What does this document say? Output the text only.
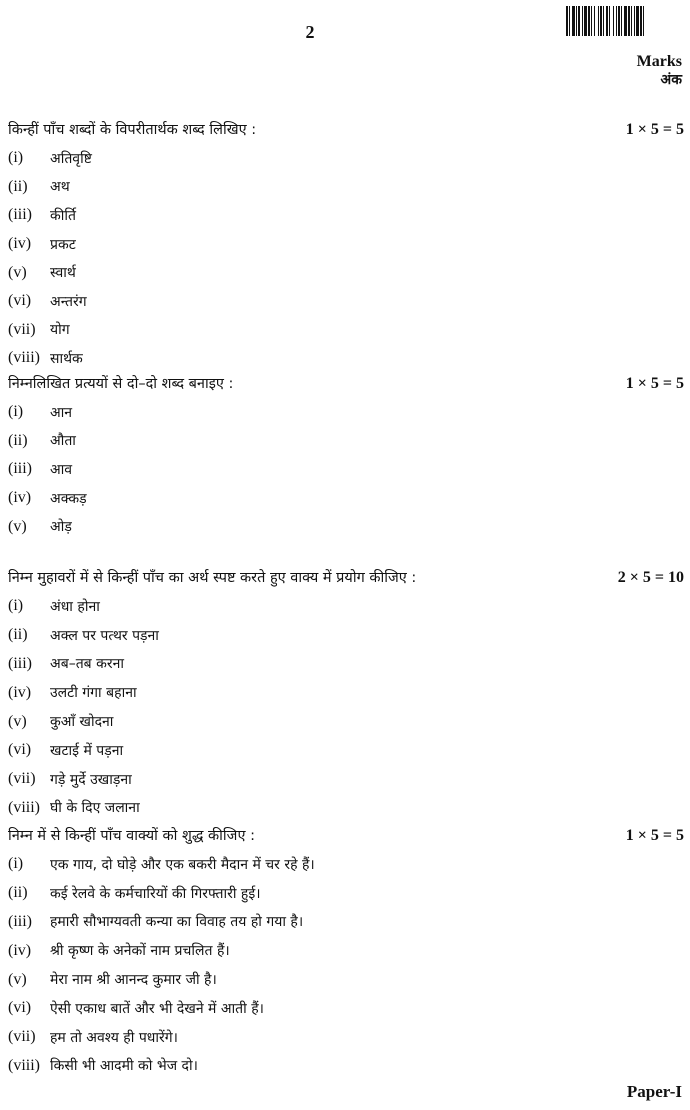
2
Marks
अंक
किन्हीं पाँच शब्दों के विपरीतार्थक शब्द लिखिए :	1 × 5 = 5
(i)	अतिवृष्टि
(ii)	अथ
(iii)	कीर्ति
(iv)	प्रकट
(v)	स्वार्थ
(vi)	अन्तरंग
(vii)	योग
(viii) सार्थक
निम्नलिखित प्रत्ययों से दो–दो शब्द बनाइए :	1 × 5 = 5
(i)	आन
(ii)	औता
(iii)	आव
(iv)	अक्कड़
(v)	ओड़
निम्न मुहावरों में से किन्हीं पाँच का अर्थ स्पष्ट करते हुए वाक्य में प्रयोग कीजिए :	2 × 5 = 10
(i)	अंधा होना
(ii)	अक्ल पर पत्थर पड़ना
(iii)	अब–तब करना
(iv)	उलटी गंगा बहाना
(v)	कुआँ खोदना
(vi)	खटाई में पड़ना
(vii)	गड़े मुर्दे उखाड़ना
(viii) घी के दिए जलाना
निम्न में से किन्हीं पाँच वाक्यों को शुद्ध कीजिए :	1 × 5 = 5
(i)	एक गाय, दो घोड़े और एक बकरी मैदान में चर रहे हैं।
(ii)	कई रेलवे के कर्मचारियों की गिरफ्तारी हुई।
(iii)	हमारी सौभाग्यवती कन्या का विवाह तय हो गया है।
(iv)	श्री कृष्ण के अनेकों नाम प्रचलित हैं।
(v)	मेरा नाम श्री आनन्द कुमार जी है।
(vi)	ऐसी एकाध बातें और भी देखने में आती हैं।
(vii)	हम तो अवश्य ही पधारेंगे।
(viii) किसी भी आदमी को भेज दो।
Paper-I
